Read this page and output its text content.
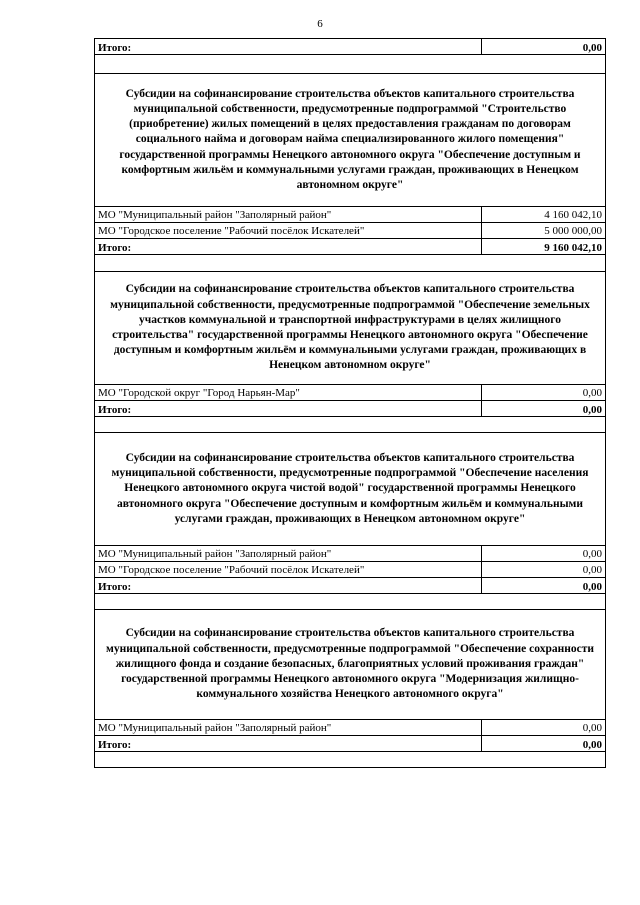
6
Итого:	0,00
Субсидии на софинансирование строительства объектов капитального строительства муниципальной собственности, предусмотренные подпрограммой "Строительство (приобретение) жилых помещений в целях предоставления гражданам по договорам социального найма и договорам найма специализированного жилого помещения" государственной программы Ненецкого автономного округа "Обеспечение доступным и комфортным жильём и коммунальными услугами граждан, проживающих в Ненецком автономном округе"
МО "Муниципальный район "Заполярный район"	4 160 042,10
МО "Городское поселение "Рабочий посёлок Искателей"	5 000 000,00
Итого:	9 160 042,10
Субсидии на софинансирование строительства объектов капитального строительства муниципальной собственности, предусмотренные подпрограммой "Обеспечение земельных участков коммунальной и транспортной инфраструктурами в целях жилищного строительства" государственной программы Ненецкого автономного округа "Обеспечение доступным и комфортным жильём и коммунальными услугами граждан, проживающих в Ненецком автономном округе"
МО "Городской округ "Город Нарьян-Мар"	0,00
Итого:	0,00
Субсидии на софинансирование строительства объектов капитального строительства муниципальной собственности, предусмотренные подпрограммой "Обеспечение населения Ненецкого автономного округа чистой водой" государственной программы Ненецкого автономного округа "Обеспечение доступным и комфортным жильём и коммунальными услугами граждан, проживающих в Ненецком автономном округе"
МО "Муниципальный район "Заполярный район"	0,00
МО "Городское поселение "Рабочий посёлок Искателей"	0,00
Итого:	0,00
Субсидии на софинансирование строительства объектов капитального строительства муниципальной собственности, предусмотренные подпрограммой "Обеспечение сохранности жилищного фонда и создание безопасных, благоприятных условий проживания граждан" государственной программы Ненецкого автономного округа "Модернизация жилищно-коммунального хозяйства Ненецкого автономного округа"
МО "Муниципальный район "Заполярный район"	0,00
Итого:	0,00
